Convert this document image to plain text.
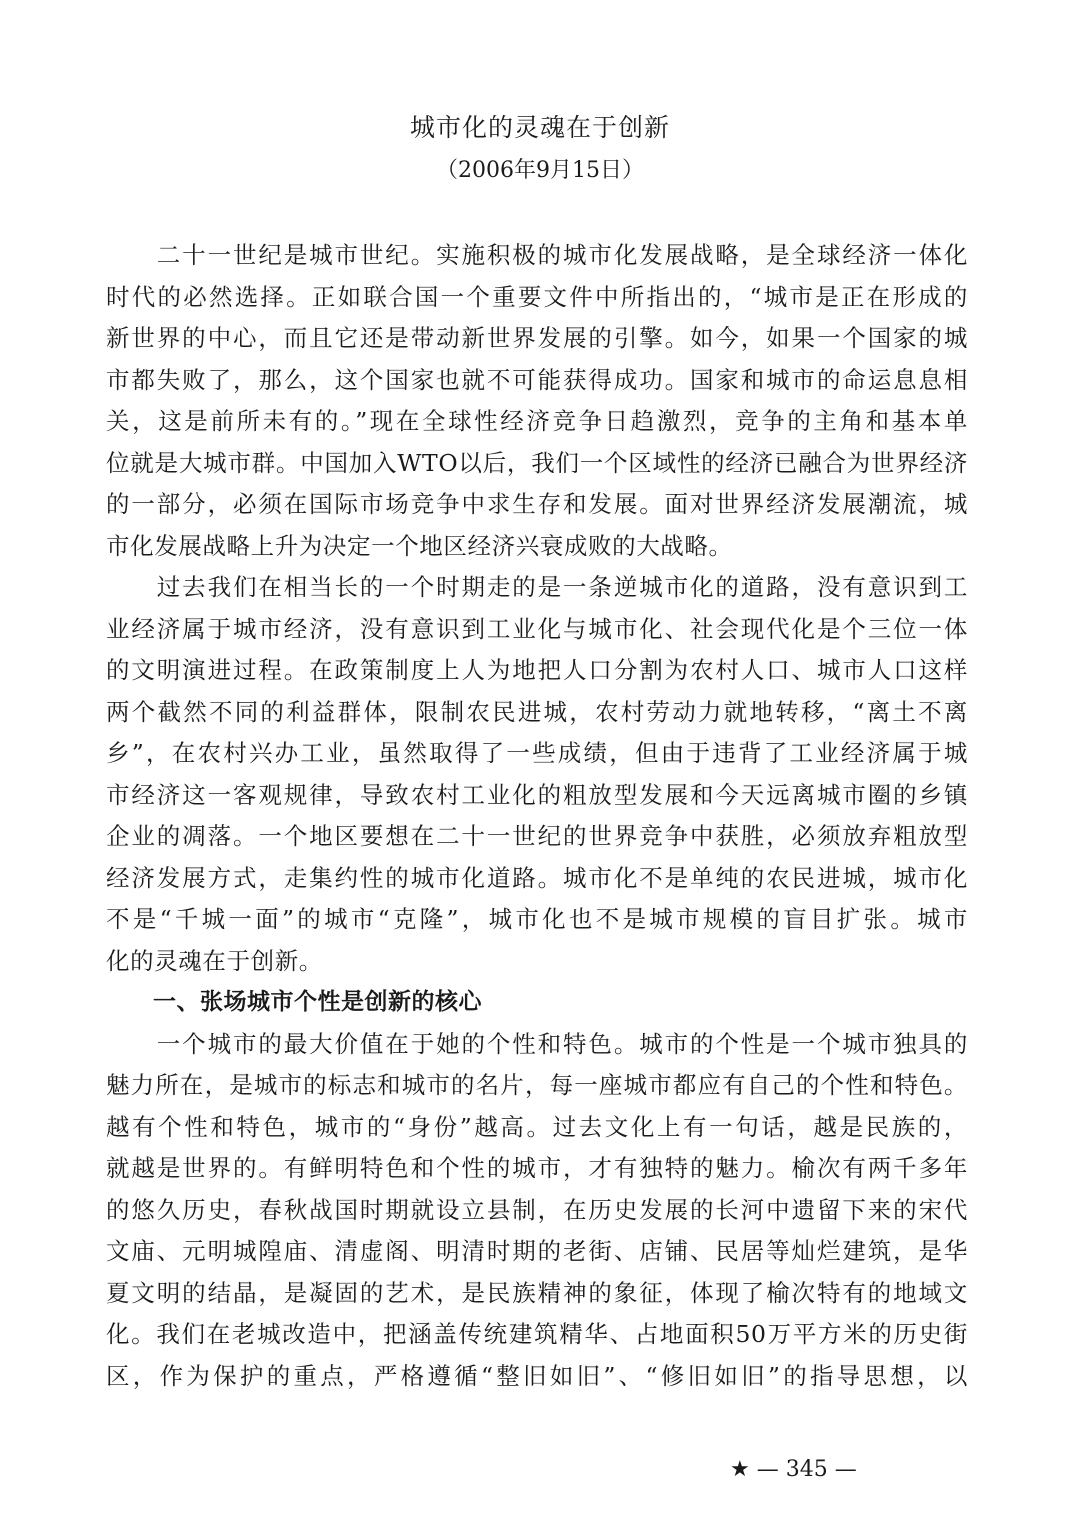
城市化的灵魂在于创新
（2006年9月15日）
　　二十一世纪是城市世纪。实施积极的城市化发展战略，是全球经济一体化
时代的必然选择。正如联合国一个重要文件中所指出的，“城市是正在形成的
新世界的中心，而且它还是带动新世界发展的引擎。如今，如果一个国家的城
市都失败了，那么，这个国家也就不可能获得成功。国家和城市的命运息息相
关，这是前所未有的。”现在全球性经济竞争日趋激烈，竞争的主角和基本单
位就是大城市群。中国加入WTO以后，我们一个区域性的经济已融合为世界经济
的一部分，必须在国际市场竞争中求生存和发展。面对世界经济发展潮流，城
市化发展战略上升为决定一个地区经济兴衰成败的大战略。
　　过去我们在相当长的一个时期走的是一条逆城市化的道路，没有意识到工
业经济属于城市经济，没有意识到工业化与城市化、社会现代化是个三位一体
的文明演进过程。在政策制度上人为地把人口分割为农村人口、城市人口这样
两个截然不同的利益群体，限制农民进城，农村劳动力就地转移，“离土不离
乡”，在农村兴办工业，虽然取得了一些成绩，但由于违背了工业经济属于城
市经济这一客观规律，导致农村工业化的粗放型发展和今天远离城市圈的乡镇
企业的凋落。一个地区要想在二十一世纪的世界竞争中获胜，必须放弃粗放型
经济发展方式，走集约性的城市化道路。城市化不是单纯的农民进城，城市化
不是“千城一面”的城市“克隆”，城市化也不是城市规模的盲目扩张。城市
化的灵魂在于创新。
　　一、张场城市个性是创新的核心
　　一个城市的最大价值在于她的个性和特色。城市的个性是一个城市独具的
魅力所在，是城市的标志和城市的名片，每一座城市都应有自己的个性和特色。
越有个性和特色，城市的“身份”越高。过去文化上有一句话，越是民族的，
就越是世界的。有鲜明特色和个性的城市，才有独特的魅力。榆次有两千多年
的悠久历史，春秋战国时期就设立县制，在历史发展的长河中遗留下来的宋代
文庙、元明城隍庙、清虚阁、明清时期的老街、店铺、民居等灿烂建筑，是华
夏文明的结晶，是凝固的艺术，是民族精神的象征，体现了榆次特有的地域文
化。我们在老城改造中，把涵盖传统建筑精华、占地面积50万平方米的历史街
区，作为保护的重点，严格遵循“整旧如旧”、“修旧如旧”的指导思想，以
★ — 345 —
